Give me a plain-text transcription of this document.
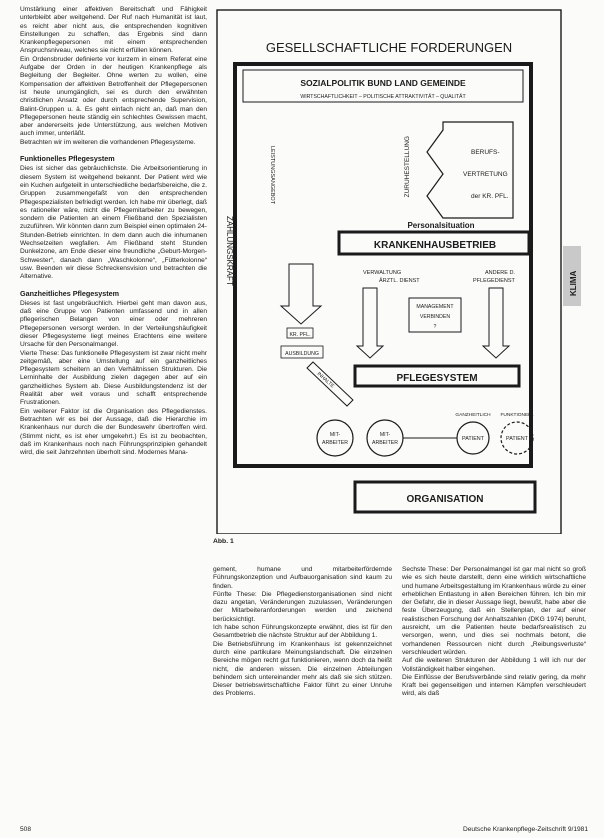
Umstärkung einer affektiven Bereitschaft und Fähigkeit unterbleibt aber weitgehend. Der Ruf nach Humanität ist laut, es reicht aber nicht aus, die entsprechenden kognitiven Einstellungen zu schaffen, das Ergebnis sind dann Krankenpflegepersonen mit einem entsprechenden Anspruchsniveau, welches sie nicht erfüllen können.

Ein Ordensbruder definierte vor kurzem in einem Referat eine Aufgabe der Orden in der heutigen Krankenpflege als Begleitung der Begleiter. Ohne werten zu wollen, eine Kompensation der affektiven Betroffenheit der Pflegepersonen ist heute unumgänglich, sei es durch den erwähnten christlichen Ansatz oder durch entsprechende Supervision, Balint-Gruppen u. ä. Es geht einfach nicht an, daß man den Pflegepersonen heute ständig ein schlechtes Gewissen macht, aber andererseits jede Unterstützung, aus welchen Motiven auch immer, unterläßt.

Betrachten wir im weiteren die vorhandenen Pflegesysteme.

Funktionelles Pflegesystem

Dies ist sicher das gebräuchlichste. Die Arbeitsorientierung in diesem System ist weitgehend bekannt. Der Patient wird wie ein Kuchen aufgeteilt in unterschiedliche bedarfsbereiche, die z. Gruppen zusammengefaßt von den entsprechenden Pflegespezialisten befriedigt werden. Ich habe mir überlegt, daß es rationeller wäre, nicht die Pflegemitarbeiter zu bewegen, sondern die Patienten an einem Fließband den Spezialisten zuzuführen. Wir könnten dann zum Beispiel einen optimalen 24-Stunden-Betrieb einrichten. In dem dann auch die inhumanen Wechselzeiten wegfallen. Am Fließband steht Stunden Dunkelzone, am Ende dieser eine freundliche „Geburt-Morgen-Schwester“, danach dann „Waschkolonne“, „Fütterkolonne“ usw. Beenden wir diese Schreckensvision und betrachten die Alternative.

Ganzheitliches Pflegesystem

Dieses ist fast ungebräuchlich. Hierbei geht man davon aus, daß eine Gruppe von Patienten umfassend und in allen pflegerischen Belangen von einer oder mehreren Pflegepersonen versorgt werden. In der Verteilungshäufigkeit dieser Pflegesysteme liegt meines Erachtens eine weitere Ursache für den Personalmangel.

Vierte These: Das funktionelle Pflegesystem ist zwar nicht mehr zeitgemäß, aber eine Umstellung auf ein ganzheitliches Pflegesystem scheitern an den Verhältnissen Strukturen. Die Lerninhalte der Ausbildung zielen dagegen aber auf ein ganzheitliches System ab. Diese Ausbildungstendenz ist der Realität aber weit voraus und schafft entsprechende Frustrationen.

Ein weiterer Faktor ist die Organisation des Pflegedienstes. Betrachten wir es bei der Aussage, daß die Hierarchie im Krankenhaus nur durch die der Bundeswehr übertroffen wird. (Stimmt nicht, es ist eher umgekehrt.) Es ist zu beobachten, daß im Krankenhaus noch nach Führungsprinzipien gehandelt wird, die seit Jahrzehnten überholt sind. Modernes Mana-

GESELLSCHAFTLICHE FORDERUNGEN
SOZIALPOLITIK BUND LAND GEMEINDE
WIRTSCHAFTLICHKEIT – POLITISCHE ATTRAKTIVITÄT – QUALITÄT
LEISTUNGSANGEBOT
ZAHLUNGSKRAFT
ZURUHESTELLUNG	BERUFS-
VERTRETUNG
der KR. PFL.
Personalsituation
KRANKENHAUSBETRIEB
VERWALTUNG
ÄRZTL. DIENST
ANDERE D.
PFLEGEDIENST
KR. PFL.
AUSBILDUNG
INHALTE
MANAGEMENT
VERBINDEN
?
PFLEGESYSTEM
MIT-
ARBEITER
MIT-
ARBEITER
GANZHEITLICH FUNKTIONELL
PATIENT	PATIENT
FORMELLE U. INFORMELLE	ZUORDNUNG
ORGANISATION
KLIMA
Abb. 1

gement, humane und mitarbeiterfördernde Führungskonzeption und Aufbauorganisation sind kaum zu finden.

Fünfte These: Die Pflegedienstorganisationen sind nicht dazu angetan, Veränderungen zuzulassen, Veränderungen der Mitarbeiteranforderungen werden und zeichend berücksichtigt.

Ich habe schon Führungskonzepte erwähnt, dies ist für den Gesamtbetrieb die nächste Struktur auf der Abbildung 1.

Die Betriebsführung im Krankenhaus ist gekennzeichnet durch eine partikulare Meinungslandschaft. Die einzelnen Bereiche mögen recht gut funktionieren, wenn doch da heißt nicht, die anderen wissen. Die einzelnen Abteilungen behindern sich untereinander mehr als daß sie sich stützen. Dieser betriebswirtschaftliche Faktor führt zu einer Unruhe des Problems.

Sechste These: Der Personalmangel ist gar mal nicht so groß wie es sich heute darstellt, denn eine wirklich wirtschaftliche und humane Arbeitsgestaltung im Krankenhaus würde zu einer erheblichen Entlastung in allen Bereichen führen. Ich bin mir der Gefahr, die in dieser Aussage liegt, bewußt, habe aber die feste Überzeugung, daß ein Stellenplan, der auf einer realistischen Forschung der Anhaltszahlen (DKG 1974) beruht, ausreicht, um die Patienten heute bedarfsrealistisch zu versorgen, wenn, und dies sei nochmals betont, die vorhandenen Ressourcen nicht durch „Reibungsverluste“ verschleudert würden.

Auf die weiteren Strukturen der Abbildung 1 will ich nur der Vollständigkeit halber eingehen.

Die Einflüsse der Berufsverbände sind relativ gering, da mehr Kraft bei gegenseitigen und internen Kämpfen verschleudert wird, als daß

508	Deutsche Krankenpflege-Zeitschrift 9/1981
